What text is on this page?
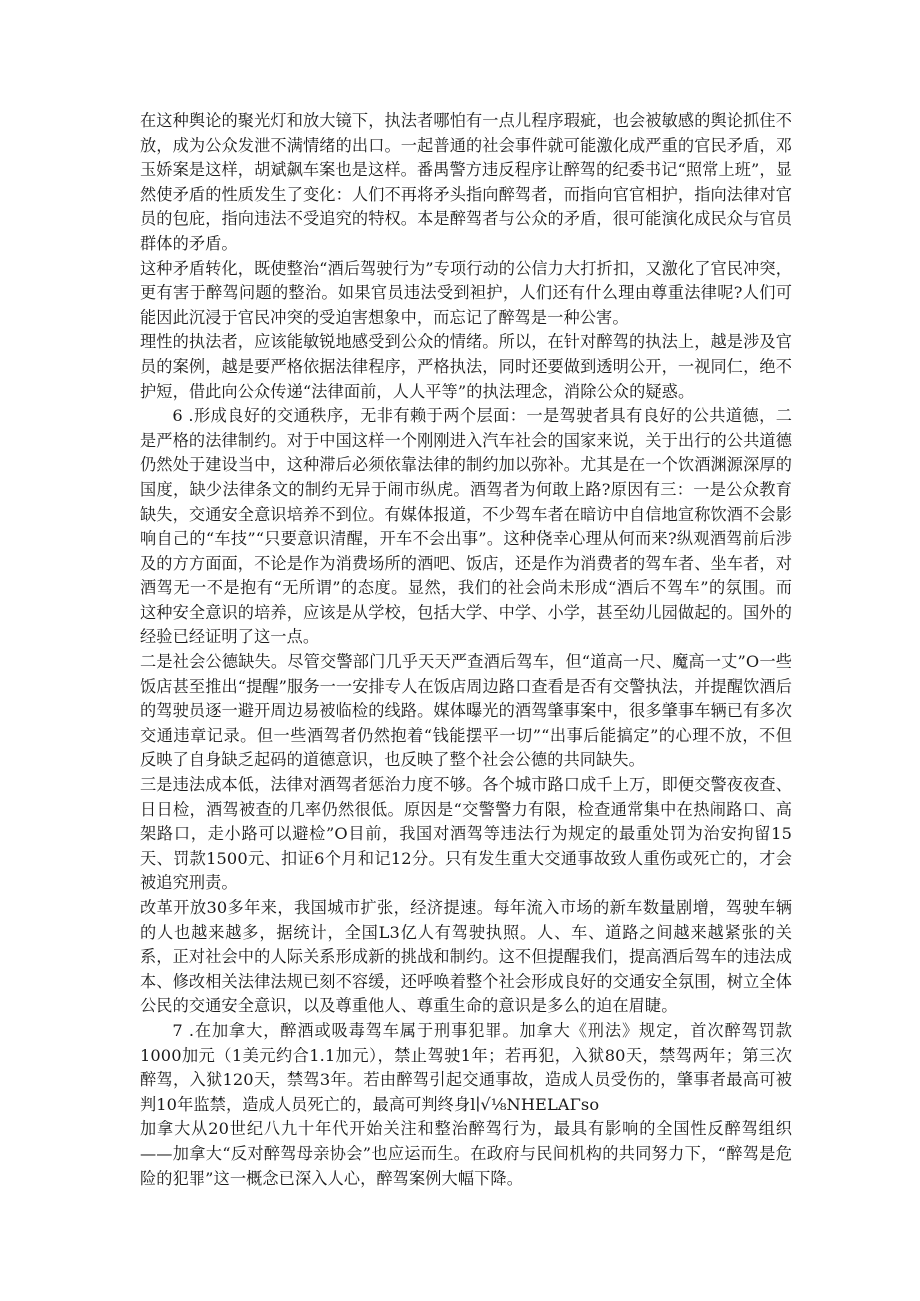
在这种舆论的聚光灯和放大镜下，执法者哪怕有一点儿程序瑕疵，也会被敏感的舆论抓住不放，成为公众发泄不满情绪的出口。一起普通的社会事件就可能激化成严重的官民矛盾，邓玉娇案是这样，胡斌飙车案也是这样。番禺警方违反程序让醉驾的纪委书记“照常上班”，显然使矛盾的性质发生了变化：人们不再将矛头指向醉驾者，而指向官官相护，指向法律对官员的包庇，指向违法不受追究的特权。本是醉驾者与公众的矛盾，很可能演化成民众与官员群体的矛盾。

这种矛盾转化，既使整治“酒后驾驶行为”专项行动的公信力大打折扣，又激化了官民冲突，更有害于醉驾问题的整治。如果官员违法受到袒护，人们还有什么理由尊重法律呢?人们可能因此沉浸于官民冲突的受迫害想象中，而忘记了醉驾是一种公害。

理性的执法者，应该能敏锐地感受到公众的情绪。所以，在针对醉驾的执法上，越是涉及官员的案例，越是要严格依据法律程序，严格执法，同时还要做到透明公开，一视同仁，绝不护短，借此向公众传递“法律面前，人人平等”的执法理念，消除公众的疑惑。

6 .形成良好的交通秩序，无非有赖于两个层面：一是驾驶者具有良好的公共道德，二是严格的法律制约。对于中国这样一个刚刚进入汽车社会的国家来说，关于出行的公共道德仍然处于建设当中，这种滞后必须依靠法律的制约加以弥补。尤其是在一个饮酒渊源深厚的国度，缺少法律条文的制约无异于闹市纵虎。酒驾者为何敢上路?原因有三：一是公众教育缺失，交通安全意识培养不到位。有媒体报道，不少驾车者在暗访中自信地宣称饮酒不会影响自己的“车技”“只要意识清醒，开车不会出事”。这种侥幸心理从何而来?纵观酒驾前后涉及的方方面面，不论是作为消费场所的酒吧、饭店，还是作为消费者的驾车者、坐车者，对酒驾无一不是抱有“无所谓”的态度。显然，我们的社会尚未形成“酒后不驾车”的氛围。而这种安全意识的培养，应该是从学校，包括大学、中学、小学，甚至幼儿园做起的。国外的经验已经证明了这一点。

二是社会公德缺失。尽管交警部门几乎天天严查酒后驾车，但“道高一尺、魔高一丈”O一些饭店甚至推出“提醒”服务一一安排专人在饭店周边路口查看是否有交警执法，并提醒饮酒后的驾驶员逐一避开周边易被临检的线路。媒体曝光的酒驾肇事案中，很多肇事车辆已有多次交通违章记录。但一些酒驾者仍然抱着“钱能摆平一切”“出事后能搞定”的心理不放，不但反映了自身缺乏起码的道德意识，也反映了整个社会公德的共同缺失。

三是违法成本低，法律对酒驾者惩治力度不够。各个城市路口成千上万，即便交警夜夜查、日日检，酒驾被查的几率仍然很低。原因是“交警警力有限，检查通常集中在热闹路口、高架路口，走小路可以避检”O目前，我国对酒驾等违法行为规定的最重处罚为治安拘留15天、罚款1500元、扣证6个月和记12分。只有发生重大交通事故致人重伤或死亡的，才会被追究刑责。

改革开放30多年来，我国城市扩张，经济提速。每年流入市场的新车数量剧增，驾驶车辆的人也越来越多，据统计，全国L3亿人有驾驶执照。人、车、道路之间越来越紧张的关系，正对社会中的人际关系形成新的挑战和制约。这不但提醒我们，提高酒后驾车的违法成本、修改相关法律法规已刻不容缓，还呼唤着整个社会形成良好的交通安全氛围，树立全体公民的交通安全意识，以及尊重他人、尊重生命的意识是多么的迫在眉睫。

7 .在加拿大，醉酒或吸毒驾车属于刑事犯罪。加拿大《刑法》规定，首次醉驾罚款1000加元（1美元约合1.1加元），禁止驾驶1年；若再犯，入狱80天，禁驾两年；第三次醉驾，入狱120天，禁驾3年。若由醉驾引起交通事故，造成人员受伤的，肇事者最高可被判10年监禁，造成人员死亡的，最高可判终身l∣√⅛NHELAΓso

加拿大从20世纪八九十年代开始关注和整治醉驾行为，最具有影响的全国性反醉驾组织——加拿大“反对醉驾母亲协会”也应运而生。在政府与民间机构的共同努力下，“醉驾是危险的犯罪”这一概念已深入人心，醉驾案例大幅下降。
